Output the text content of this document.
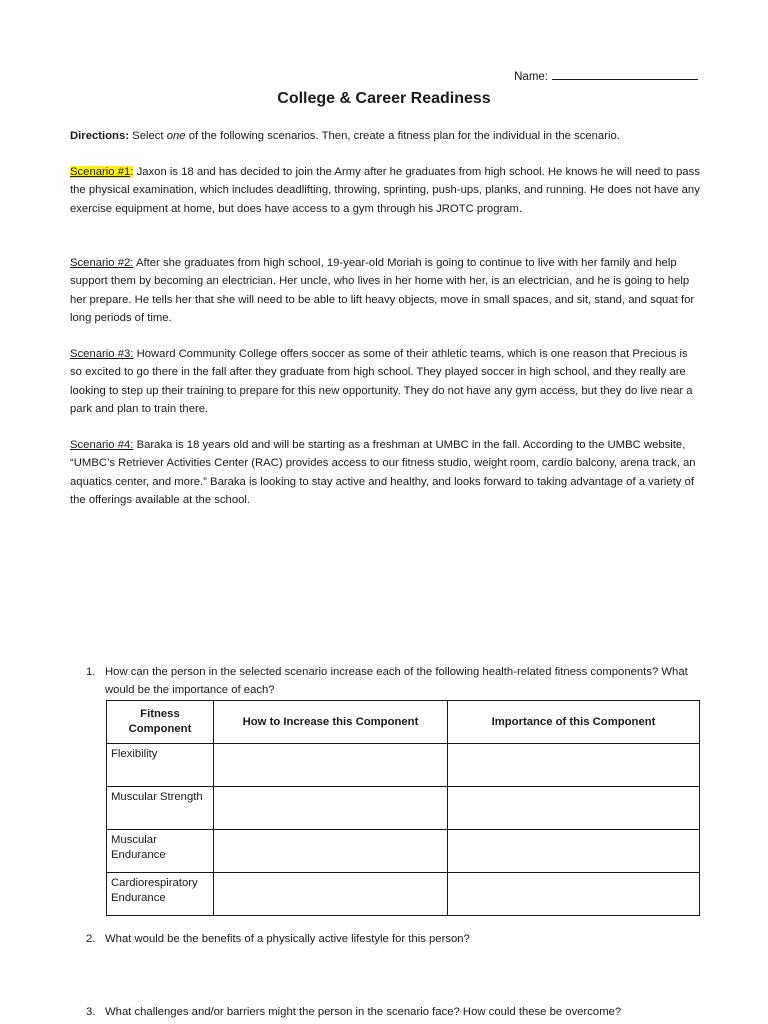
Name:
College & Career Readiness
Directions: Select one of the following scenarios. Then, create a fitness plan for the individual in the scenario.
Scenario #1: Jaxon is 18 and has decided to join the Army after he graduates from high school. He knows he will need to pass the physical examination, which includes deadlifting, throwing, sprinting, push-ups, planks, and running. He does not have any exercise equipment at home, but does have access to a gym through his JROTC program.
Scenario #2: After she graduates from high school, 19-year-old Moriah is going to continue to live with her family and help support them by becoming an electrician. Her uncle, who lives in her home with her, is an electrician, and he is going to help her prepare. He tells her that she will need to be able to lift heavy objects, move in small spaces, and sit, stand, and squat for long periods of time.
Scenario #3: Howard Community College offers soccer as some of their athletic teams, which is one reason that Precious is so excited to go there in the fall after they graduate from high school. They played soccer in high school, and they really are looking to step up their training to prepare for this new opportunity. They do not have any gym access, but they do live near a park and plan to train there.
Scenario #4: Baraka is 18 years old and will be starting as a freshman at UMBC in the fall. According to the UMBC website, “UMBC’s Retriever Activities Center (RAC) provides access to our fitness studio, weight room, cardio balcony, arena track, an aquatics center, and more.” Baraka is looking to stay active and healthy, and looks forward to taking advantage of a variety of the offerings available at the school.
1. How can the person in the selected scenario increase each of the following health-related fitness components? What would be the importance of each?
Fitness Component	How to Increase this Component	Importance of this Component
Flexibility		
Muscular Strength		
Muscular Endurance		
Cardiorespiratory Endurance		
2. What would be the benefits of a physically active lifestyle for this person?
3. What challenges and/or barriers might the person in the scenario face? How could these be overcome?
